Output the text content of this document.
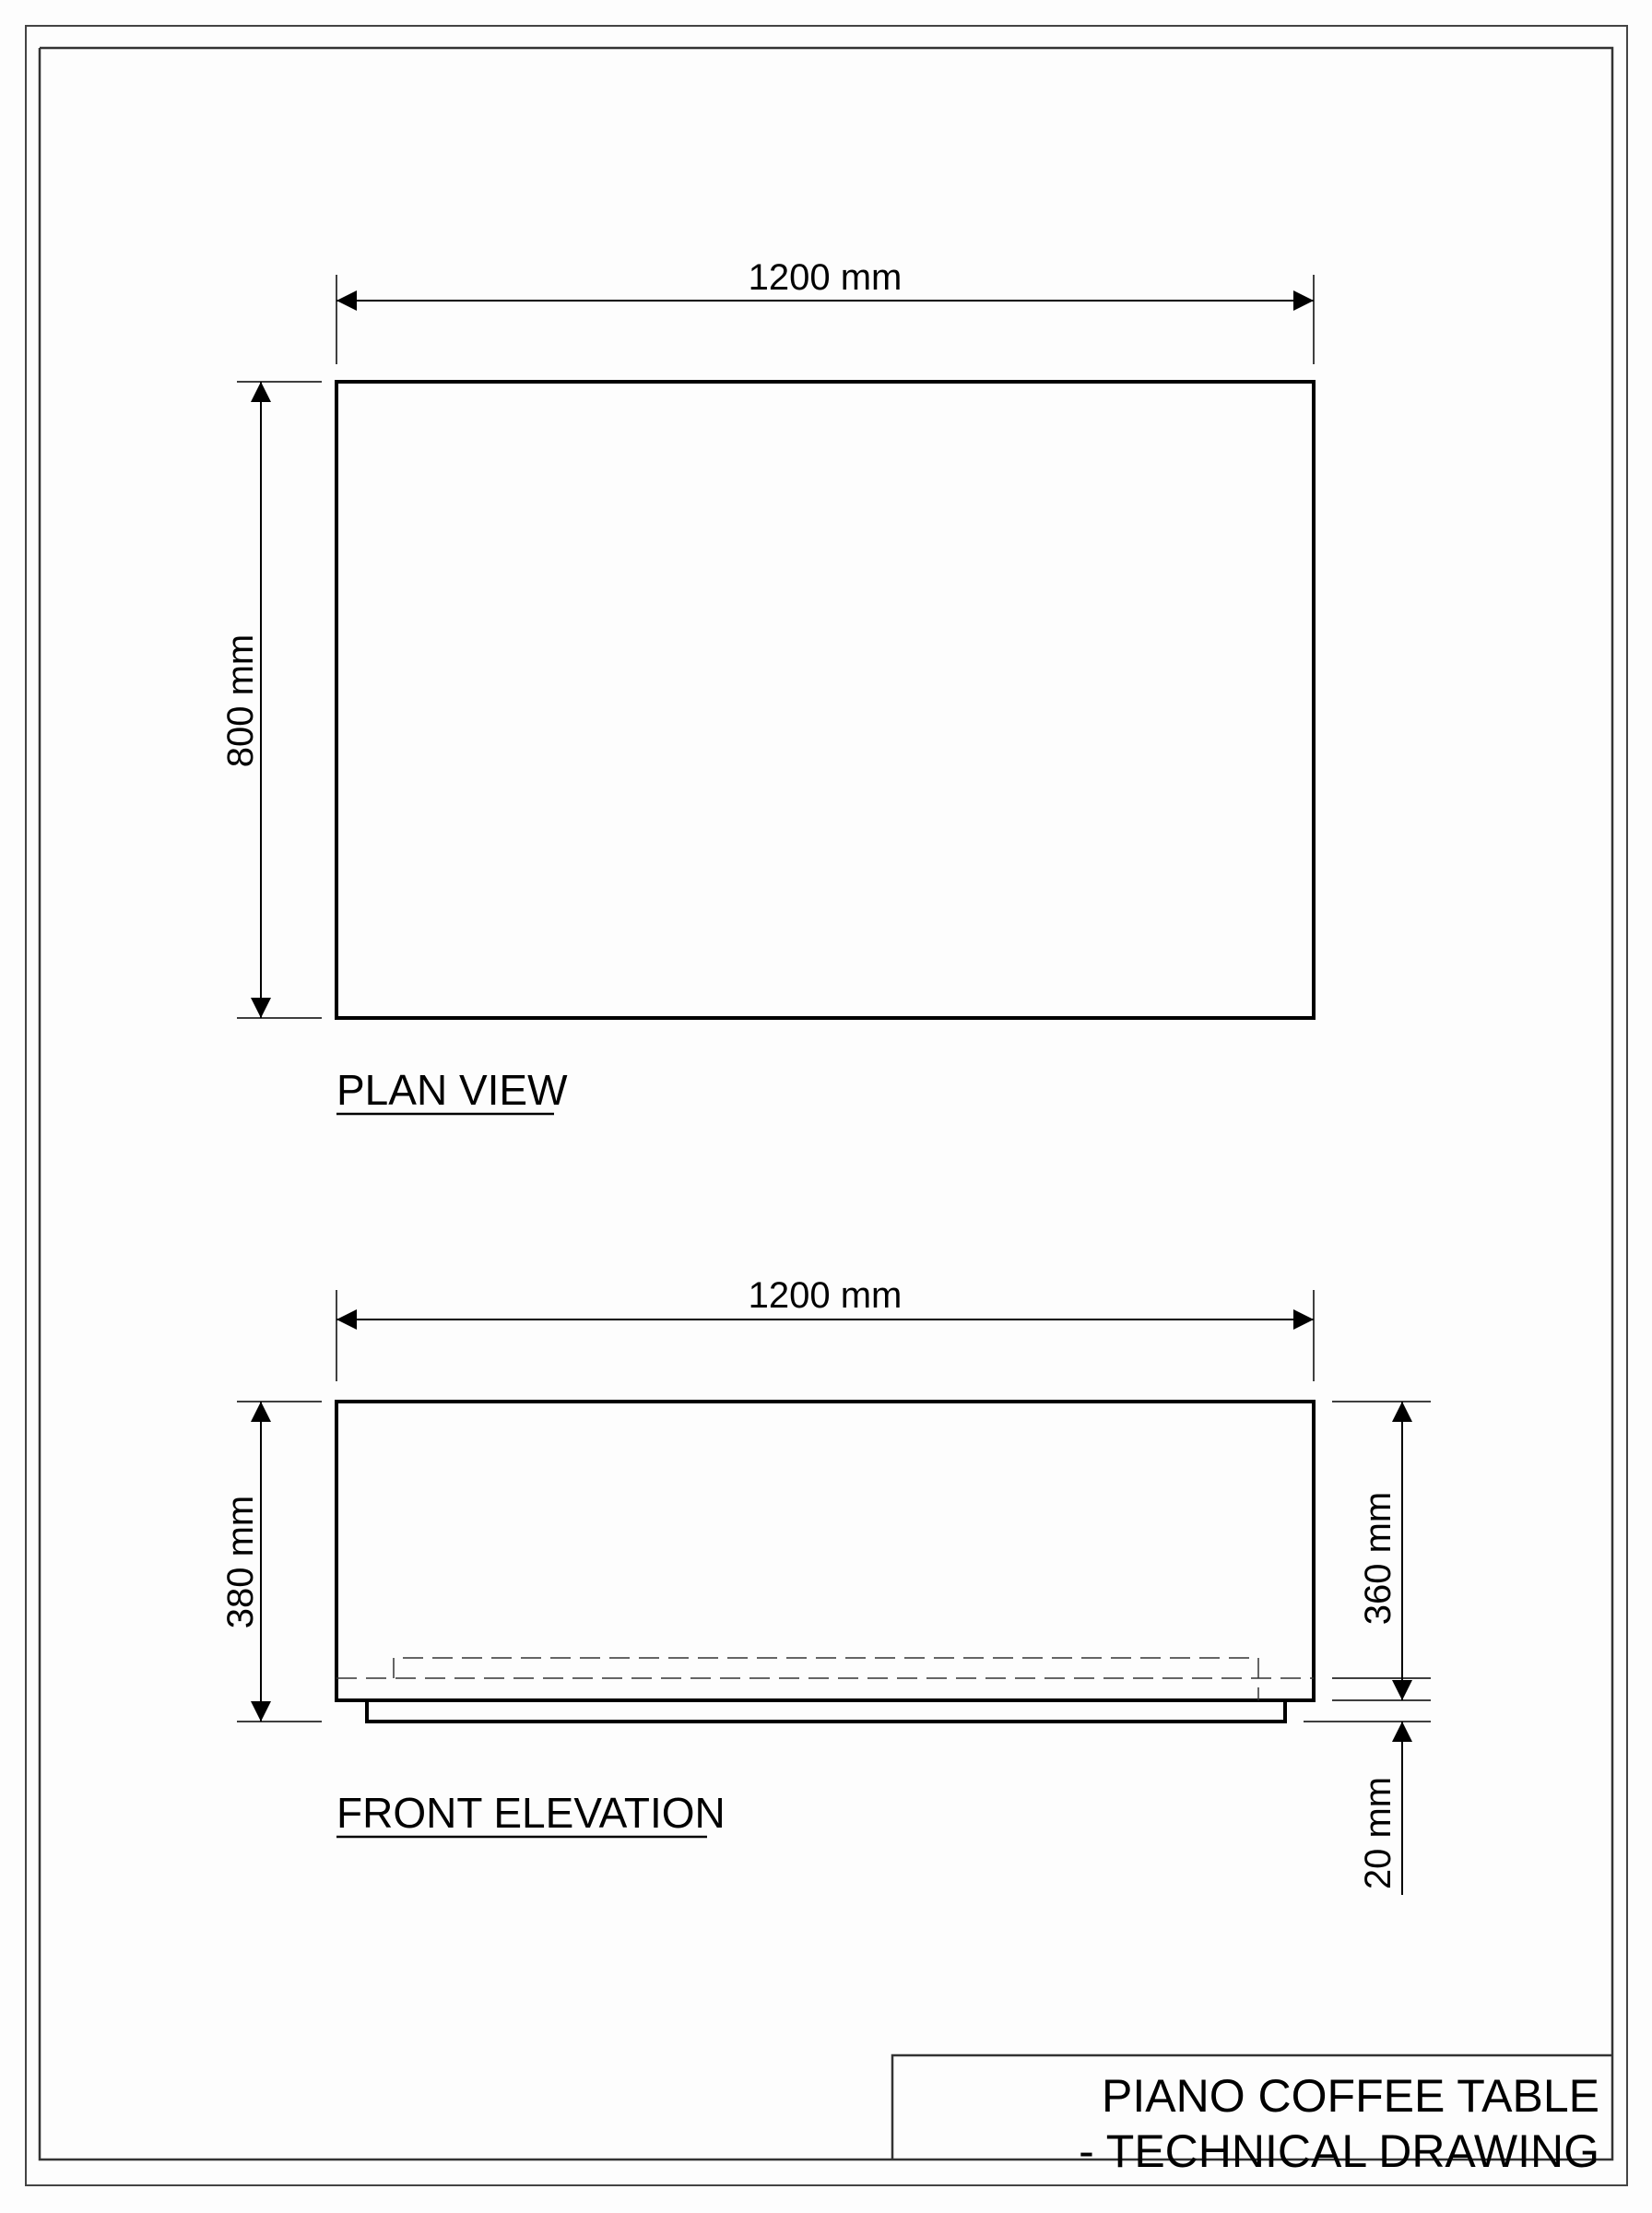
1200 mm
800 mm
PLAN VIEW
1200 mm
380 mm	360 mm
20 mm
FRONT ELEVATION
PIANO COFFEE TABLE
- TECHNICAL DRAWING
